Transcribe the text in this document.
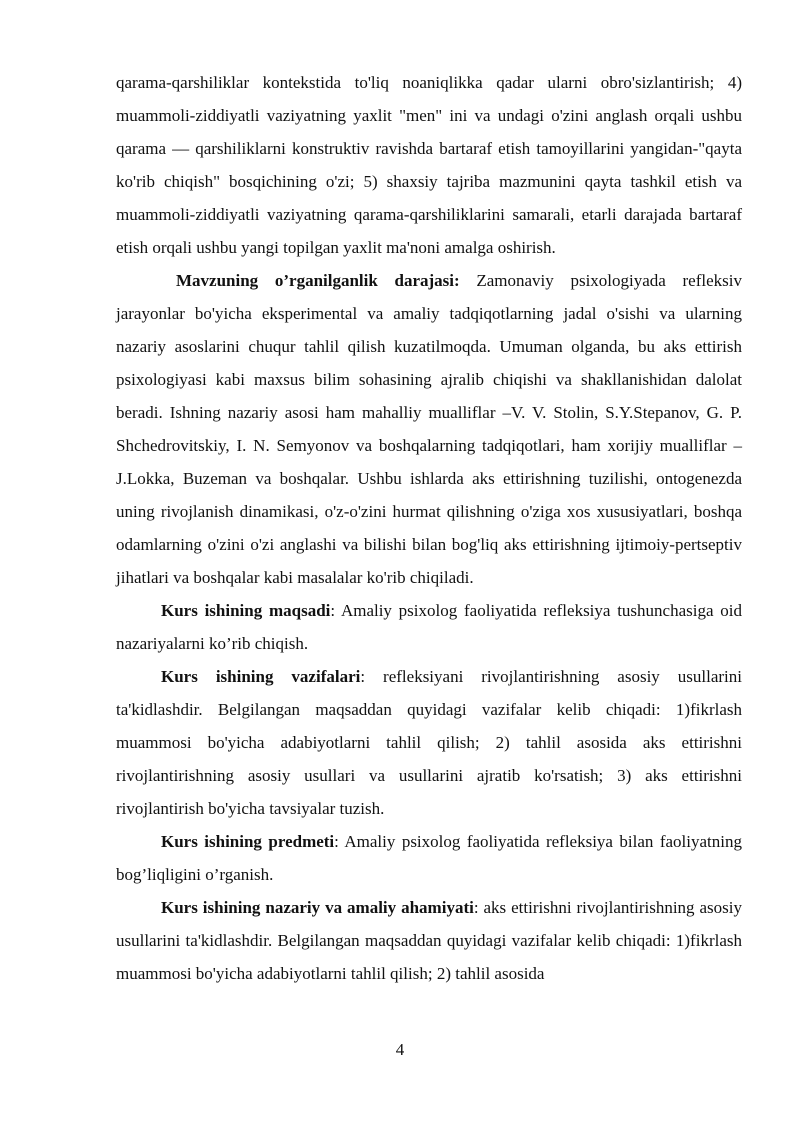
qarama-qarshiliklar kontekstida to'liq noaniqlikka qadar ularni obro'sizlantirish; 4) muammoli-ziddiyatli vaziyatning yaxlit "men" ini va undagi o'zini anglash orqali ushbu qarama — qarshiliklarni konstruktiv ravishda bartaraf etish tamoyillarini yangidan-"qayta ko'rib chiqish" bosqichining o'zi; 5) shaxsiy tajriba mazmunini qayta tashkil etish va muammoli-ziddiyatli vaziyatning qarama-qarshiliklarini samarali, etarli darajada bartaraf etish orqali ushbu yangi topilgan yaxlit ma'noni amalga oshirish.

Mavzuning o’rganilganlik darajasi: Zamonaviy psixologiyada refleksiv jarayonlar bo'yicha eksperimental va amaliy tadqiqotlarning jadal o'sishi va ularning nazariy asoslarini chuqur tahlil qilish kuzatilmoqda. Umuman olganda, bu aks ettirish psixologiyasi kabi maxsus bilim sohasining ajralib chiqishi va shakllanishidan dalolat beradi. Ishning nazariy asosi ham mahalliy mualliflar –V. V. Stolin, S.Y.Stepanov, G. P. Shchedrovitskiy, I. N. Semyonov va boshqalarning tadqiqotlari, ham xorijiy mualliflar – J.Lokka, Buzeman va boshqalar. Ushbu ishlarda aks ettirishning tuzilishi, ontogenezda uning rivojlanish dinamikasi, o'z-o'zini hurmat qilishning o'ziga xos xususiyatlari, boshqa odamlarning o'zini o'zi anglashi va bilishi bilan bog'liq aks ettirishning ijtimoiy-pertseptiv jihatlari va boshqalar kabi masalalar ko'rib chiqiladi.

Kurs ishining maqsadi: Amaliy psixolog faoliyatida refleksiya tushunchasiga oid nazariyalarni ko’rib chiqish.

Kurs ishining vazifalari: refleksiyani rivojlantirishning asosiy usullarini ta'kidlashdir. Belgilangan maqsaddan quyidagi vazifalar kelib chiqadi: 1)fikrlash muammosi bo'yicha adabiyotlarni tahlil qilish; 2) tahlil asosida aks ettirishni rivojlantirishning asosiy usullari va usullarini ajratib ko'rsatish; 3) aks ettirishni rivojlantirish bo'yicha tavsiyalar tuzish.

Kurs ishining predmeti: Amaliy psixolog faoliyatida refleksiya bilan faoliyatning bog’liqligini o’rganish.

Kurs ishining nazariy va amaliy ahamiyati: aks ettirishni rivojlantirishning asosiy usullarini ta'kidlashdir. Belgilangan maqsaddan quyidagi vazifalar kelib chiqadi: 1)fikrlash muammosi bo'yicha adabiyotlarni tahlil qilish; 2) tahlil asosida

4
